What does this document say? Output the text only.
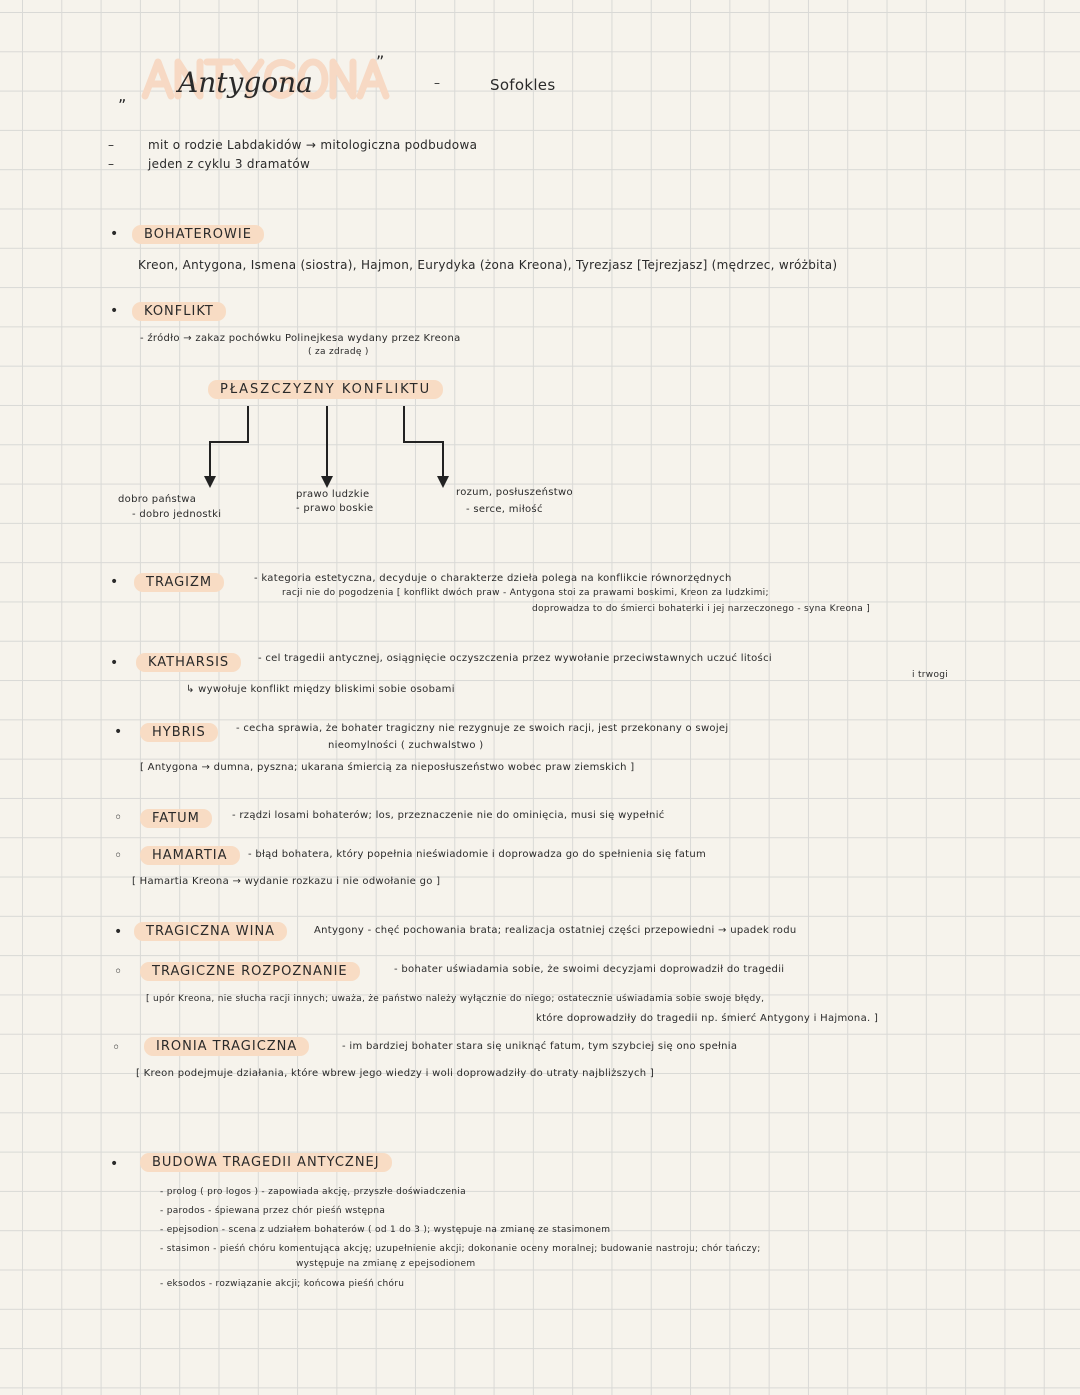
„ Antygona
”
–	Sofokles
–	mit o rodzie Labdakidów → mitologiczna podbudowa
–	jeden z cyklu 3 dramatów
•	BOHATEROWIE
Kreon, Antygona, Ismena (siostra), Hajmon, Eurydyka (żona Kreona), Tyrezjasz [Tejrezjasz] (mędrzec, wróżbita)
•	KONFLIKT
- źródło → zakaz pochówku Polinejkesa wydany przez Kreona
( za zdradę )
PŁASZCZYZNY KONFLIKTU
dobro państwa
- dobro jednostki
prawo ludzkie
- prawo boskie
rozum, posłuszeństwo
- serce, miłość
•	TRAGIZM	- kategoria estetyczna, decyduje o charakterze dzieła polega na konflikcie równorzędnych
racji nie do pogodzenia [ konflikt dwóch praw - Antygona stoi za prawami boskimi, Kreon za ludzkimi;
doprowadza to do śmierci bohaterki i jej narzeczonego - syna Kreona ]
•	KATHARSIS	- cel tragedii antycznej, osiągnięcie oczyszczenia przez wywołanie przeciwstawnych uczuć litości
i trwogi
↳ wywołuje konflikt między bliskimi sobie osobami
•	HYBRIS	- cecha sprawia, że bohater tragiczny nie rezygnuje ze swoich racji, jest przekonany o swojej
nieomylności ( zuchwalstwo )
[ Antygona → dumna, pyszna; ukarana śmiercią za nieposłuszeństwo wobec praw ziemskich ]
◦	FATUM	- rządzi losami bohaterów; los, przeznaczenie nie do ominięcia, musi się wypełnić
◦	HAMARTIA	- błąd bohatera, który popełnia nieświadomie i doprowadza go do spełnienia się fatum
[ Hamartia Kreona → wydanie rozkazu i nie odwołanie go ]
•	TRAGICZNA WINA	Antygony - chęć pochowania brata; realizacja ostatniej części przepowiedni → upadek rodu
◦	TRAGICZNE ROZPOZNANIE	- bohater uświadamia sobie, że swoimi decyzjami doprowadził do tragedii
[ upór Kreona, nie słucha racji innych; uważa, że państwo należy wyłącznie do niego; ostatecznie uświadamia sobie swoje błędy,
które doprowadziły do tragedii np. śmierć Antygony i Hajmona. ]
◦	IRONIA TRAGICZNA	- im bardziej bohater stara się uniknąć fatum, tym szybciej się ono spełnia
[ Kreon podejmuje działania, które wbrew jego wiedzy i woli doprowadziły do utraty najbliższych ]
•	BUDOWA TRAGEDII ANTYCZNEJ
- prolog ( pro logos ) - zapowiada akcję, przyszłe doświadczenia
- parodos - śpiewana przez chór pieśń wstępna
- epejsodion - scena z udziałem bohaterów ( od 1 do 3 ); występuje na zmianę ze stasimonem
- stasimon - pieśń chóru komentująca akcję; uzupełnienie akcji; dokonanie oceny moralnej; budowanie nastroju; chór tańczy;
występuje na zmianę z epejsodionem
- eksodos - rozwiązanie akcji; końcowa pieśń chóru
